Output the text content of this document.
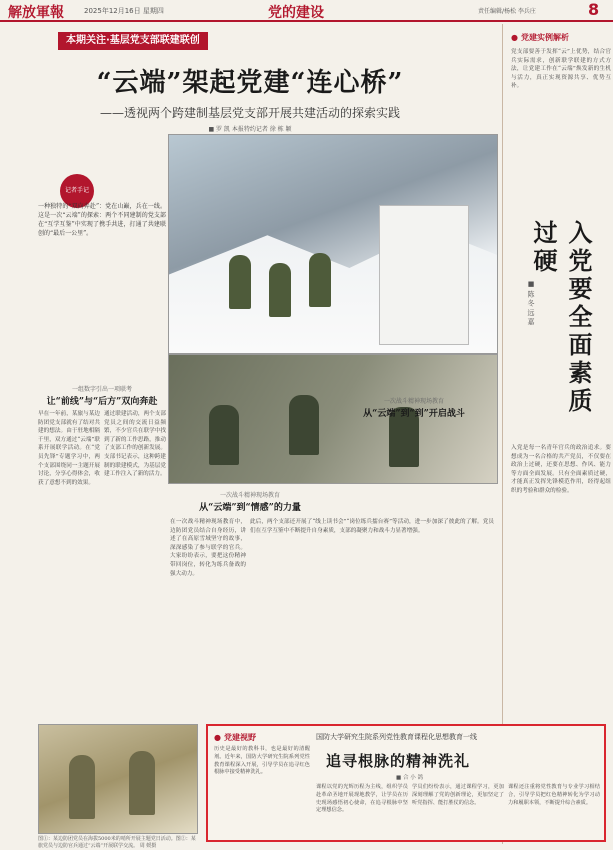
解放軍報	2025年12月16日 星期四	党的建设	责任编辑/杨松 李兵庄	8
本期关注·基层党支部联建联创
“云端”架起党建“连心桥”
——透视两个跨建制基层党支部开展共建活动的探索实践
■ 罗 凯 本报特约记者 徐 栋 颖
记者手记
一种独特的“双向奔赴”：党在山巅，兵在一线。这是一次“云端”的探索：两个不同建制的党支部在“互学互鉴”中实现了携手共进，打通了共建联创的“最后一公里”。
一组数字引出一项联考
让“前线”与“后方”双向奔赴
早在一年前，某旅与某边防团党支部就有了结对共建的想法。由于驻地相隔千里，双方通过“云端”联系开展联学活动。在“党员先锋”专题学习中，两个支部围绕同一主题开展讨论，分享心得体会，收获了意想不到的效果。
通过联建活动，两个支部党员之间的交流日益频繁，不少官兵在联学中找到了新的工作思路，推动了支部工作的创新发展。支部书记表示，这种跨建制的联建模式，为基层党建工作注入了新的活力。
一次战斗精神现场教育
从“云端”到“情感”的力量
在一次战斗精神现场教育中，边防团党员结合自身经历，讲述了在高原雪域坚守的故事，深深感染了参与联学的官兵。大家纷纷表示，要把这份精神带回岗位，转化为练兵备战的强大动力。
一次战斗精神现场教育
从“云端”到“到”开启战斗
此后，两个支部还开展了“线上读书会”“岗位练兵擂台赛”等活动，进一步加深了彼此的了解。党员们在互学互鉴中不断提升自身素质，支部的凝聚力和战斗力显著增强。
图①：某边防团党员在海拔5000米的哨所开展主题党日活动。图②：某旅党员与边防官兵通过“云端”开展联学交流。 周 媛摄
● 党建实例解析
党支部要善于发挥“云”上优势，结合官兵实际需求，创新联学联建的方式方法，让党建工作在“云端”焕发新的生机与活力，真正实现资源共享、优势互补。
入党是每一名青年官兵的政治追求。要想成为一名合格的共产党员，不仅要在政治上过硬，还要在思想、作风、能力等方面全面发展。只有全面素质过硬，才能真正发挥先锋模范作用，经得起组织的考验和群众的检验。
入党要全面素质过硬
■ 陈 冬 远 嘉
● 党建视野	国防大学研究生院系列党性教育课程化思想教育一线
追寻根脉的精神洗礼
■ 合 小 鸽
历史是最好的教科书，也是最好的清醒剂。近年来，国防大学研究生院系列党性教育课程深入开展，引导学员在追寻红色根脉中接受精神洗礼。
课程以党的光辉历程为主线，组织学员赴革命圣地开展现地教学，让学员在历史现场感悟初心使命，在追寻根脉中坚定理想信念。
学员们纷纷表示，通过课程学习，更加深刻理解了党的创新理论，更加坚定了听党指挥、能打胜仗的信念。
课程还注重将党性教育与专业学习相结合，引导学员把红色精神转化为学习动力和履职本领，不断提升综合素质。
